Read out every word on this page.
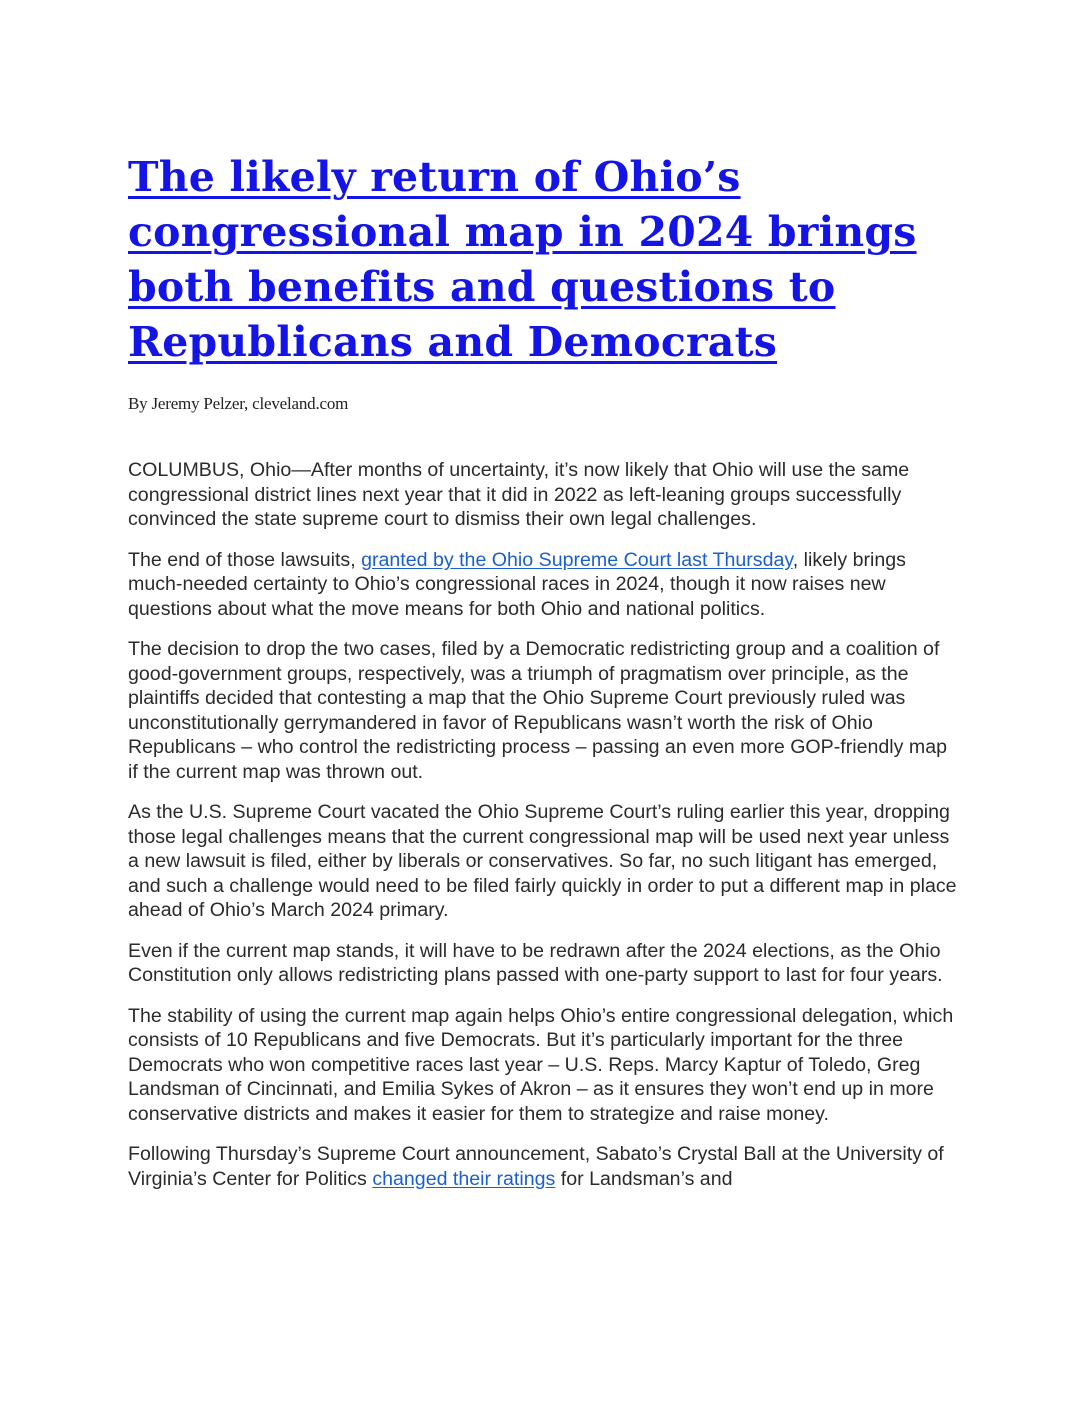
The likely return of Ohio’s congressional map in 2024 brings both benefits and questions to Republicans and Democrats

By Jeremy Pelzer, cleveland.com

COLUMBUS, Ohio—After months of uncertainty, it’s now likely that Ohio will use the same congressional district lines next year that it did in 2022 as left-leaning groups successfully convinced the state supreme court to dismiss their own legal challenges.

The end of those lawsuits, granted by the Ohio Supreme Court last Thursday, likely brings much-needed certainty to Ohio’s congressional races in 2024, though it now raises new questions about what the move means for both Ohio and national politics.

The decision to drop the two cases, filed by a Democratic redistricting group and a coalition of good-government groups, respectively, was a triumph of pragmatism over principle, as the plaintiffs decided that contesting a map that the Ohio Supreme Court previously ruled was unconstitutionally gerrymandered in favor of Republicans wasn’t worth the risk of Ohio Republicans – who control the redistricting process – passing an even more GOP-friendly map if the current map was thrown out.

As the U.S. Supreme Court vacated the Ohio Supreme Court’s ruling earlier this year, dropping those legal challenges means that the current congressional map will be used next year unless a new lawsuit is filed, either by liberals or conservatives. So far, no such litigant has emerged, and such a challenge would need to be filed fairly quickly in order to put a different map in place ahead of Ohio’s March 2024 primary.

Even if the current map stands, it will have to be redrawn after the 2024 elections, as the Ohio Constitution only allows redistricting plans passed with one-party support to last for four years.

The stability of using the current map again helps Ohio’s entire congressional delegation, which consists of 10 Republicans and five Democrats. But it’s particularly important for the three Democrats who won competitive races last year – U.S. Reps. Marcy Kaptur of Toledo, Greg Landsman of Cincinnati, and Emilia Sykes of Akron – as it ensures they won’t end up in more conservative districts and makes it easier for them to strategize and raise money.

Following Thursday’s Supreme Court announcement, Sabato’s Crystal Ball at the University of Virginia’s Center for Politics changed their ratings for Landsman’s and
